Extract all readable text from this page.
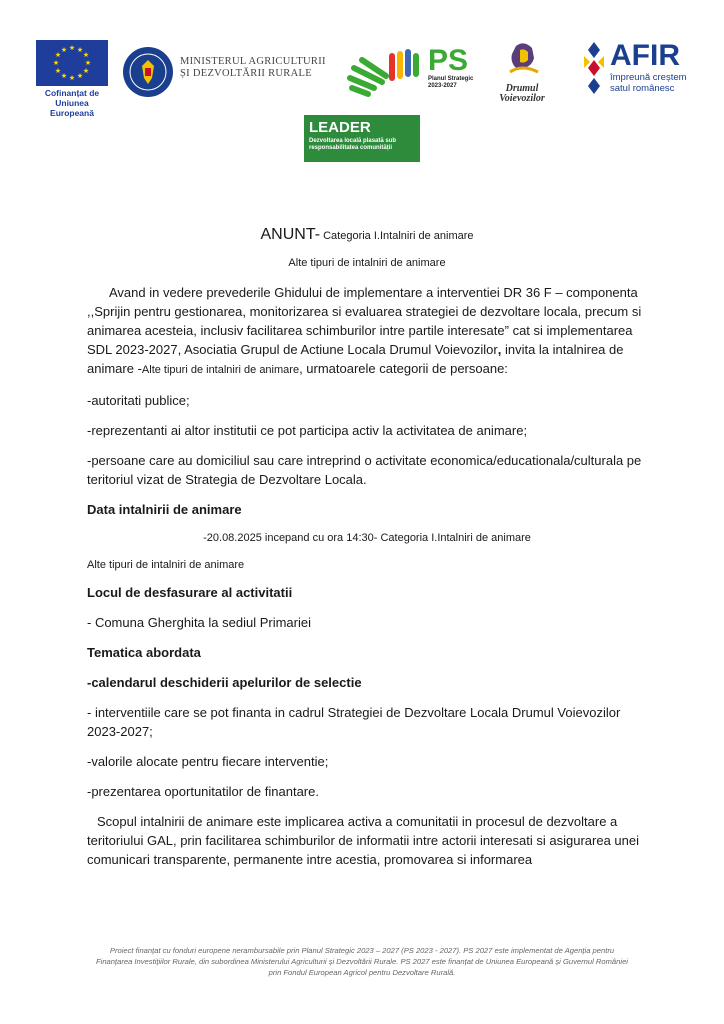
★ ★
★
★
★
★
★
★
★
★
★
★
Cofinanțat de
Uniunea Europeană
MINISTERUL AGRICULTURII
ȘI DEZVOLTĂRII RURALE	PS
Planul Strategic
2023-2027	Drumul
Voievozilor
AFIR
împreună creștem
satul românesc
LEADER
Dezvoltarea locală plasată sub responsabilitatea comunității

ANUNT- Categoria I.Intalniri de animare

Alte tipuri de intalniri de animare

Avand in vedere prevederile Ghidului de implementare a interventiei DR 36 F – componenta ,,Sprijin pentru gestionarea, monitorizarea si evaluarea strategiei de dezvoltare locala, precum si animarea acesteia, inclusiv facilitarea schimburilor intre partile interesate” cat si implementarea SDL 2023-2027, Asociatia Grupul de Actiune Locala Drumul Voievozilor, invita la intalnirea de animare -Alte tipuri de intalniri de animare, urmatoarele categorii de persoane:

-autoritati publice;

-reprezentanti ai altor institutii ce pot participa activ la activitatea de animare;

-persoane care au domiciliul sau care intreprind o activitate economica/educationala/culturala pe teritoriul vizat de Strategia de Dezvoltare Locala.

Data intalnirii de animare

-20.08.2025 incepand cu ora 14:30- Categoria I.Intalniri de animare

Alte tipuri de intalniri de animare

Locul de desfasurare al activitatii

- Comuna Gherghita la sediul Primariei

Tematica abordata

-calendarul deschiderii apelurilor de selectie

- interventiile care se pot finanta in cadrul Strategiei de Dezvoltare Locala Drumul Voievozilor 2023-2027;

-valorile alocate pentru fiecare interventie;

-prezentarea oportunitatilor de finantare.

Scopul intalnirii de animare este implicarea activa a comunitatii in procesul de dezvoltare a teritoriului GAL, prin facilitarea schimburilor de informatii intre actorii interesati si asigurarea unei comunicari transparente, permanente intre acestia, promovarea si informarea

Proiect finanțat cu fonduri europene nerambursabile prin Planul Strategic 2023 – 2027 (PS 2023 - 2027). PS 2027 este implementat de Agenția pentru Finanțarea Investițiilor Rurale, din subordinea Ministerului Agriculturii și Dezvoltării Rurale. PS 2027 este finanțat de Uniunea Europeană și Guvernul României prin Fondul European Agricol pentru Dezvoltare Rurală.
